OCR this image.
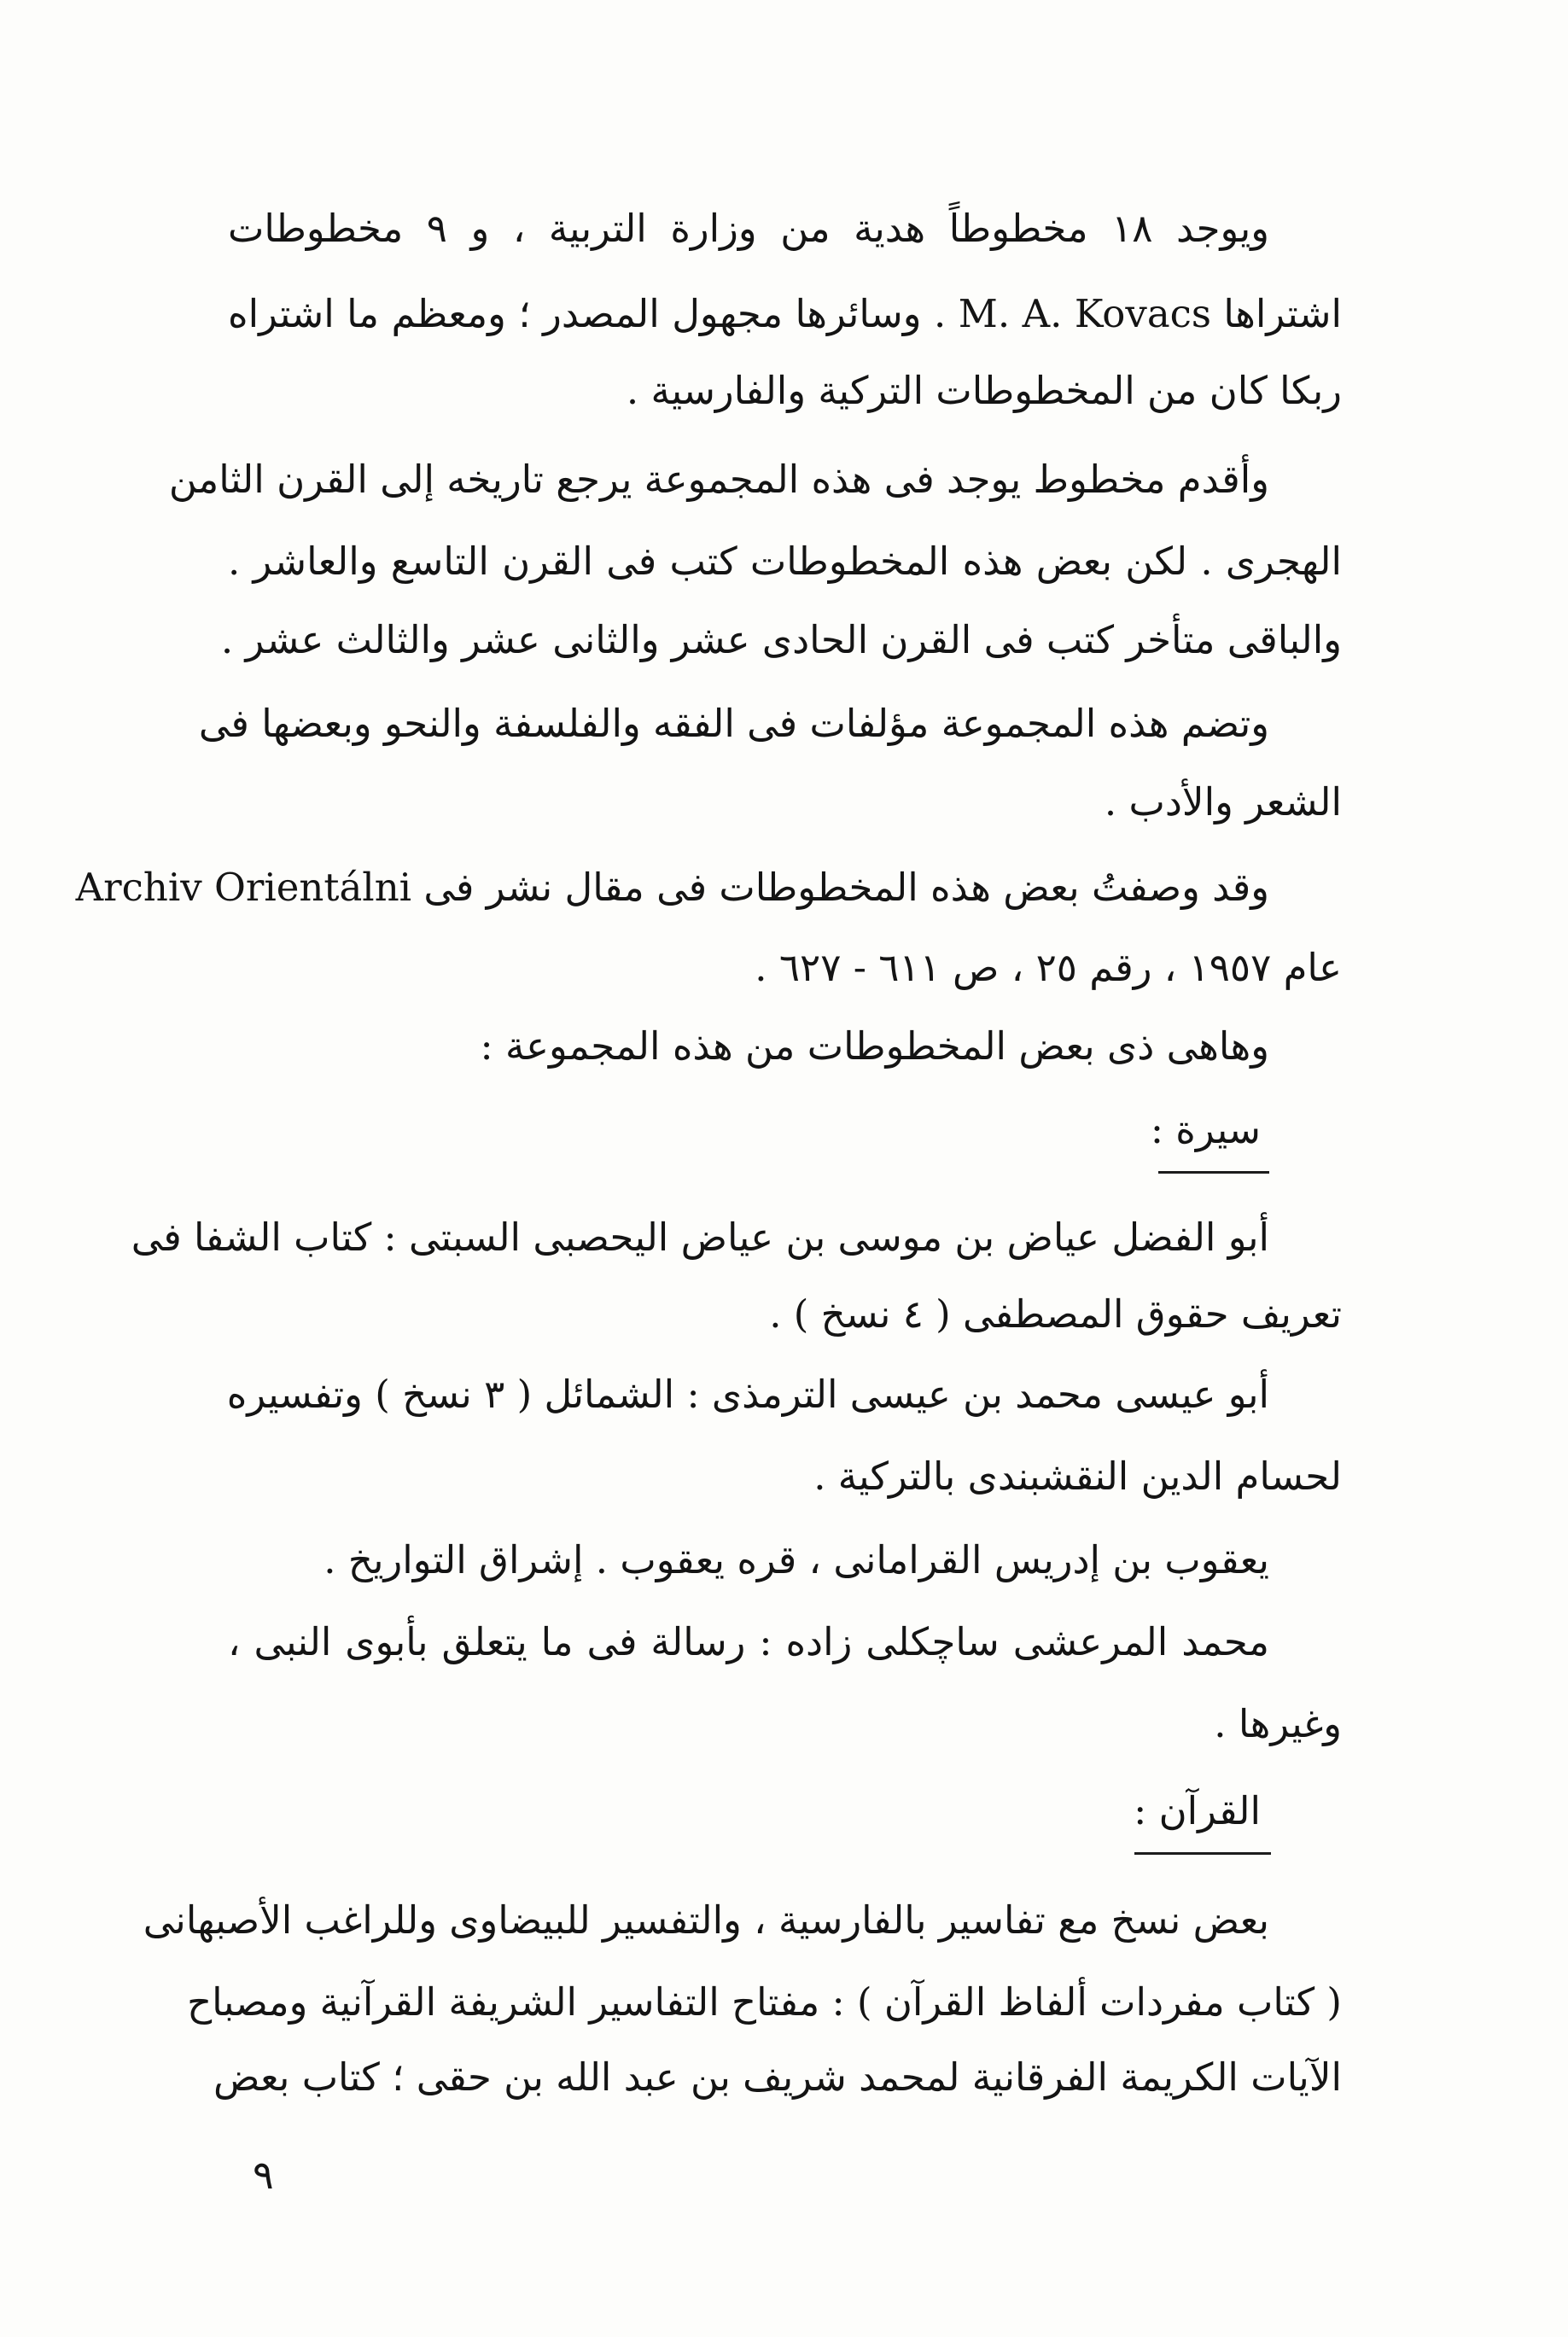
ويوجد ١٨ مخطوطاً هدية من وزارة التربية ، و ٩ مخطوطات
اشتراها M. A. Kovacs . وسائرها مجهول المصدر ؛ ومعظم ما اشتراه
ربكا كان من المخطوطات التركية والفارسية .
وأقدم مخطوط يوجد فى هذه المجموعة يرجع تاريخه إلى القرن الثامن
الهجرى . لكن بعض هذه المخطوطات كتب فى القرن التاسع والعاشر .
والباقى متأخر كتب فى القرن الحادى عشر والثانى عشر والثالث عشر .
وتضم هذه المجموعة مؤلفات فى الفقه والفلسفة والنحو وبعضها فى
الشعر والأدب .
وقد وصفتُ بعض هذه المخطوطات فى مقال نشر فى Archiv Orientálni
عام ١٩٥٧ ، رقم ٢٥ ، ص ٦١١ - ٦٢٧ .
وهاهى ذى بعض المخطوطات من هذه المجموعة :
سيرة :
أبو الفضل عياض بن موسى بن عياض اليحصبى السبتى : كتاب الشفا فى
تعريف حقوق المصطفى ( ٤ نسخ ) .
أبو عيسى محمد بن عيسى الترمذى : الشمائل ( ٣ نسخ ) وتفسيره
لحسام الدين النقشبندى بالتركية .
يعقوب بن إدريس القرامانى ، قره يعقوب . إشراق التواريخ .
محمد المرعشى ساچكلى زاده : رسالة فى ما يتعلق بأبوى النبى ،
وغيرها .
القرآن :
بعض نسخ مع تفاسير بالفارسية ، والتفسير للبيضاوى وللراغب الأصبهانى
( كتاب مفردات ألفاظ القرآن ) : مفتاح التفاسير الشريفة القرآنية ومصباح
الآيات الكريمة الفرقانية لمحمد شريف بن عبد الله بن حقى ؛ كتاب بعض
٩
